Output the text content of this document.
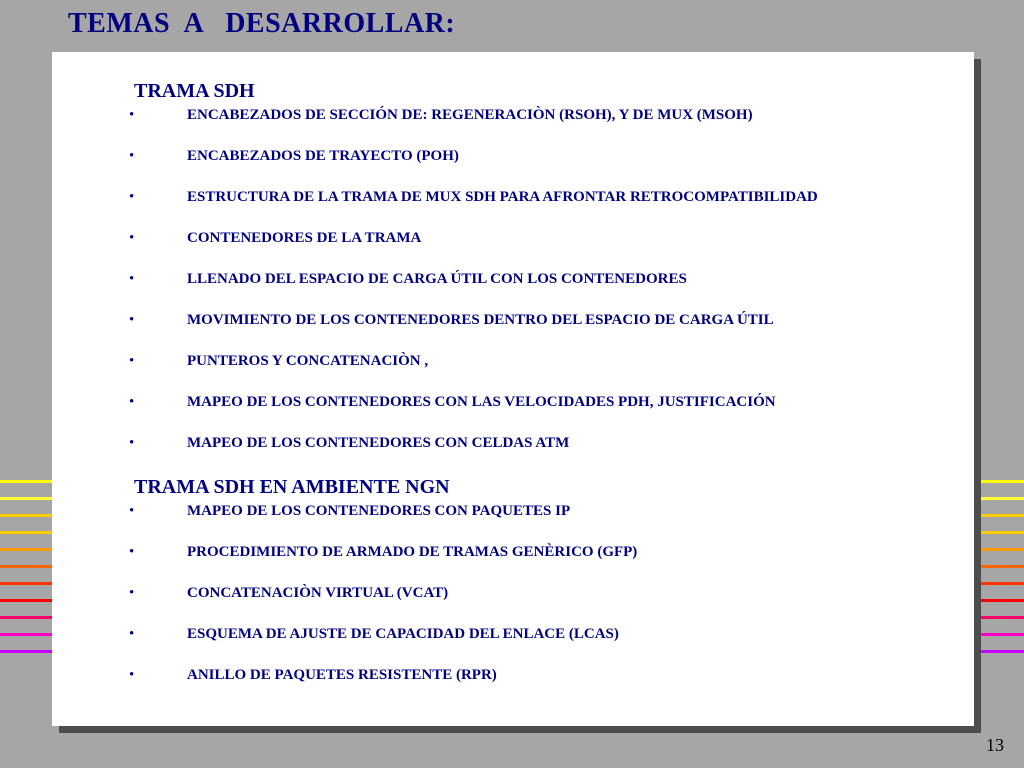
TEMAS  A   DESARROLLAR:
TRAMA SDH
•	ENCABEZADOS DE SECCIÓN DE: REGENERACIÒN (RSOH), Y DE MUX (MSOH)
•	ENCABEZADOS DE TRAYECTO (POH)
•	ESTRUCTURA DE LA TRAMA DE MUX SDH PARA AFRONTAR RETROCOMPATIBILIDAD
•	CONTENEDORES DE LA TRAMA
•	LLENADO DEL ESPACIO DE CARGA ÚTIL CON LOS CONTENEDORES
•	MOVIMIENTO DE LOS CONTENEDORES DENTRO DEL ESPACIO DE CARGA ÚTIL
•	PUNTEROS Y CONCATENACIÒN ,
•	MAPEO DE LOS CONTENEDORES CON LAS VELOCIDADES PDH, JUSTIFICACIÓN
•	MAPEO DE LOS CONTENEDORES CON CELDAS ATM
TRAMA SDH EN AMBIENTE NGN
•	MAPEO DE LOS CONTENEDORES CON PAQUETES IP
•	PROCEDIMIENTO DE ARMADO DE TRAMAS GENÈRICO (GFP)
•	CONCATENACIÒN VIRTUAL (VCAT)
•	ESQUEMA DE AJUSTE DE CAPACIDAD DEL ENLACE (LCAS)
•	ANILLO DE PAQUETES RESISTENTE (RPR)
13
